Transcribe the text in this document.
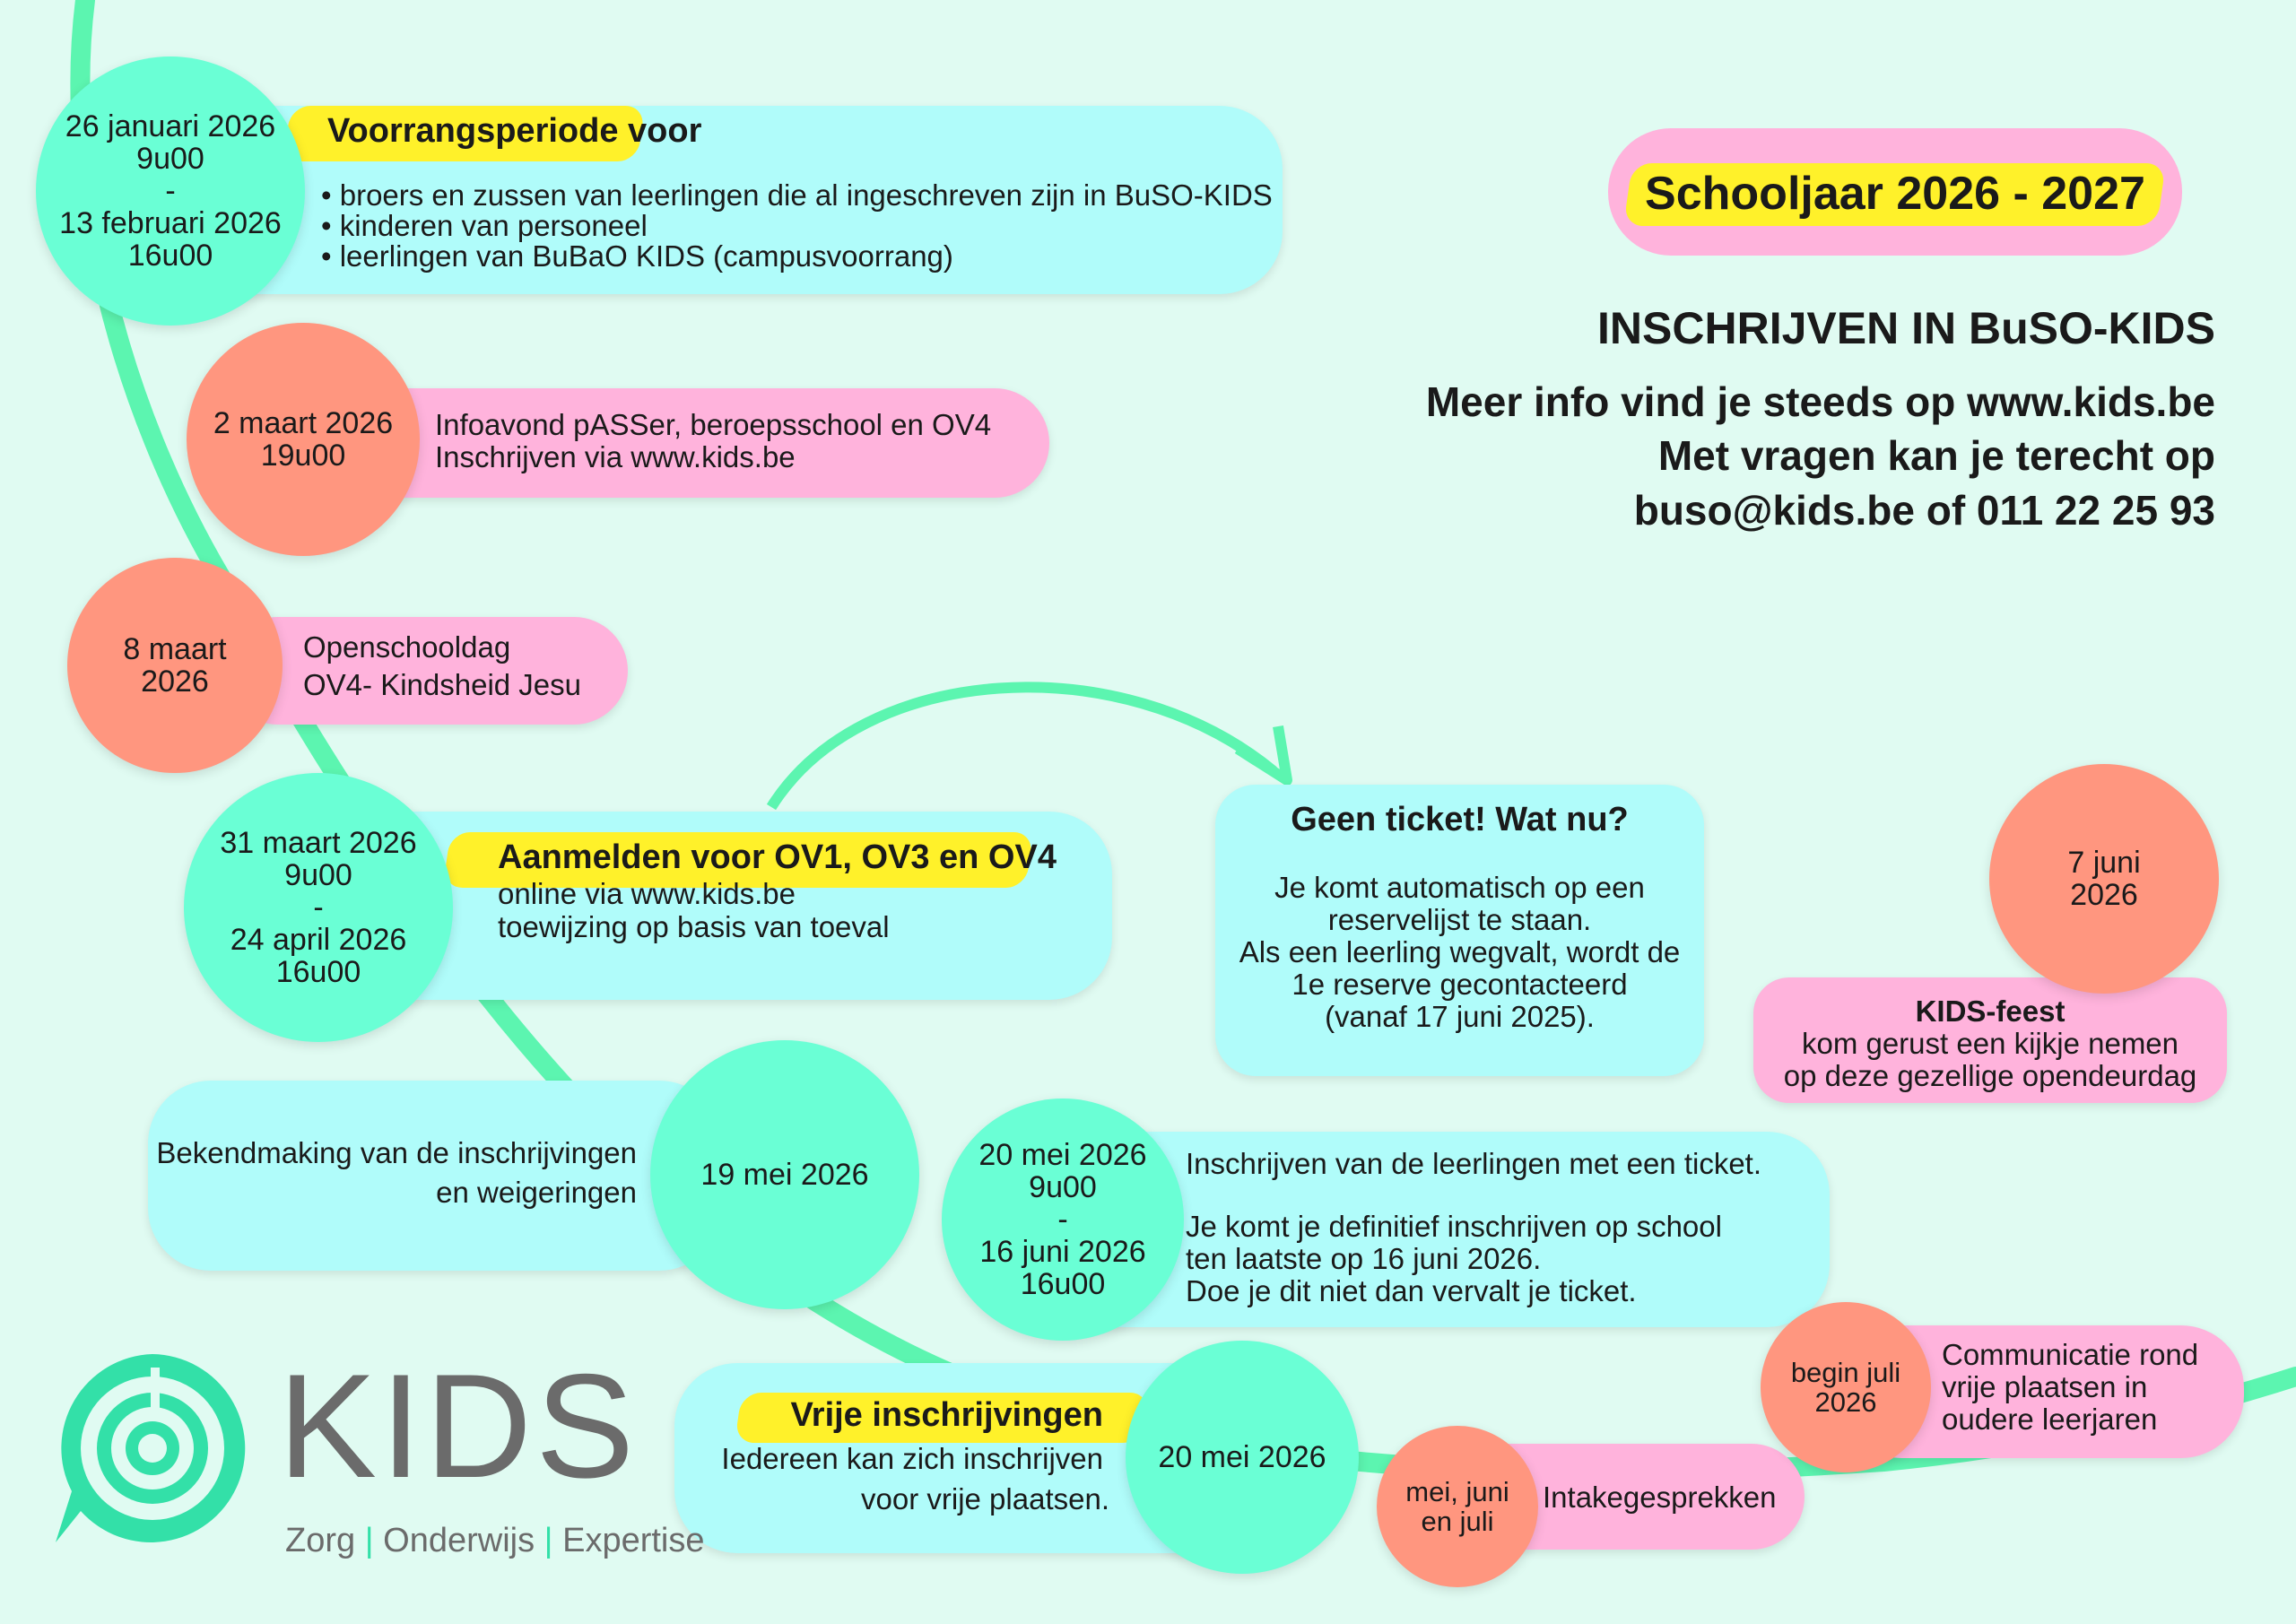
Voorrangsperiode voor
• broers en zussen van leerlingen die al ingeschreven zijn in BuSO-KIDS
• kinderen van personeel
• leerlingen van BuBaO KIDS (campusvoorrang)
26 januari 2026
9u00
-
13 februari 2026
16u00
Infoavond pASSer, beroepsschool en OV4
Inschrijven via www.kids.be
2 maart 2026
19u00
Openschooldag
OV4- Kindsheid Jesu
8 maart
2026
Aanmelden voor OV1, OV3 en OV4
online via www.kids.be
toewijzing op basis van toeval
31 maart 2026
9u00
-
24 april 2026
16u00
Geen ticket! Wat nu?
Je komt automatisch op een
reservelijst te staan.
Als een leerling wegvalt, wordt de
1e reserve gecontacteerd
(vanaf 17 juni 2025).
Bekendmaking van de inschrijvingen
en weigeringen
19 mei 2026	Inschrijven van de leerlingen met een ticket.
Je komt je definitief inschrijven op school
ten laatste op 16 juni 2026.
Doe je dit niet dan vervalt je ticket.
20 mei 2026
9u00
-
16 juni 2026
16u00
KIDS-feest
kom gerust een kijkje nemen
op deze gezellige opendeurdag
7 juni
2026
Vrije inschrijvingen
Iedereen kan zich inschrijven
voor vrije plaatsen.
20 mei 2026
Intakegesprekken
mei, juni
en juli
Communicatie rond
vrije plaatsen in
oudere leerjaren
begin juli
2026
Schooljaar 2026 - 2027
INSCHRIJVEN IN BuSO-KIDS
Meer info vind je steeds op www.kids.be
Met vragen kan je terecht op
buso@kids.be of 011 22 25 93
KIDS
Zorg | Onderwijs | Expertise
